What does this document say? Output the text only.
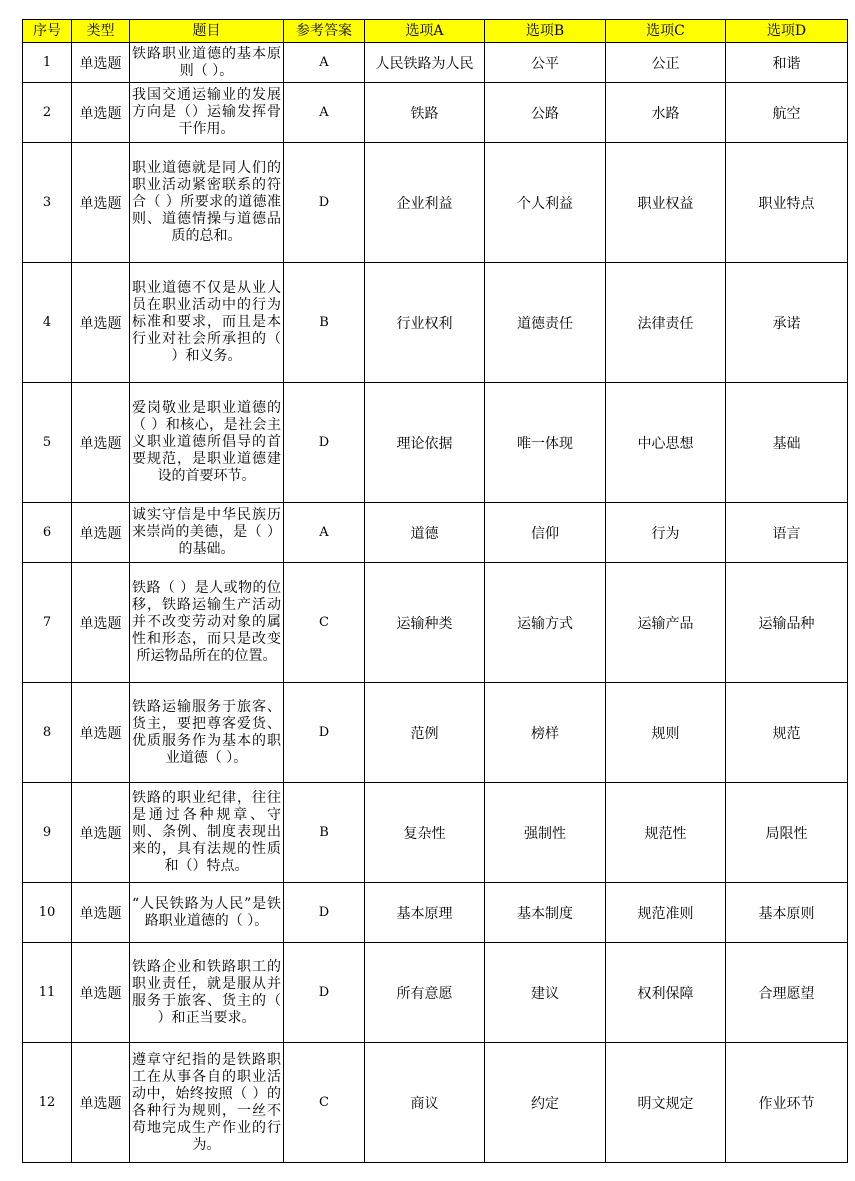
序号	类型	题目	参考答案	选项A	选项B	选项C	选项D
1	单选题	铁路职业道德的基本原则（ ）。	A	人民铁路为人民	公平	公正	和谐
2	单选题	我国交通运输业的发展方向是（）运输发挥骨干作用。	A	铁路	公路	水路	航空
3	单选题	职业道德就是同人们的职业活动紧密联系的符合（ ）所要求的道德准则、道德情操与道德品质的总和。	D	企业利益	个人利益	职业权益	职业特点
4	单选题	职业道德不仅是从业人员在职业活动中的行为标准和要求，而且是本行业对社会所承担的（ ）和义务。	B	行业权利	道德责任	法律责任	承诺
5	单选题	爱岗敬业是职业道德的（ ）和核心，是社会主义职业道德所倡导的首要规范，是职业道德建设的首要环节。	D	理论依据	唯一体现	中心思想	基础
6	单选题	诚实守信是中华民族历来崇尚的美德，是（ ）的基础。	A	道德	信仰	行为	语言
7	单选题	铁路（ ）是人或物的位移，铁路运输生产活动并不改变劳动对象的属性和形态，而只是改变所运物品所在的位置。	C	运输种类	运输方式	运输产品	运输品种
8	单选题	铁路运输服务于旅客、货主，要把尊客爱货、优质服务作为基本的职业道德（ ）。	D	范例	榜样	规则	规范
9	单选题	铁路的职业纪律，往往是通过各种规章、守则、条例、制度表现出来的，具有法规的性质和（）特点。	B	复杂性	强制性	规范性	局限性
10	单选题	“人民铁路为人民”是铁路职业道德的（ ）。	D	基本原理	基本制度	规范准则	基本原则
11	单选题	铁路企业和铁路职工的职业责任，就是服从并服务于旅客、货主的（ ）和正当要求。	D	所有意愿	建议	权利保障	合理愿望
12	单选题	遵章守纪指的是铁路职工在从事各自的职业活动中，始终按照（ ）的各种行为规则，一丝不苟地完成生产作业的行为。	C	商议	约定	明文规定	作业环节
